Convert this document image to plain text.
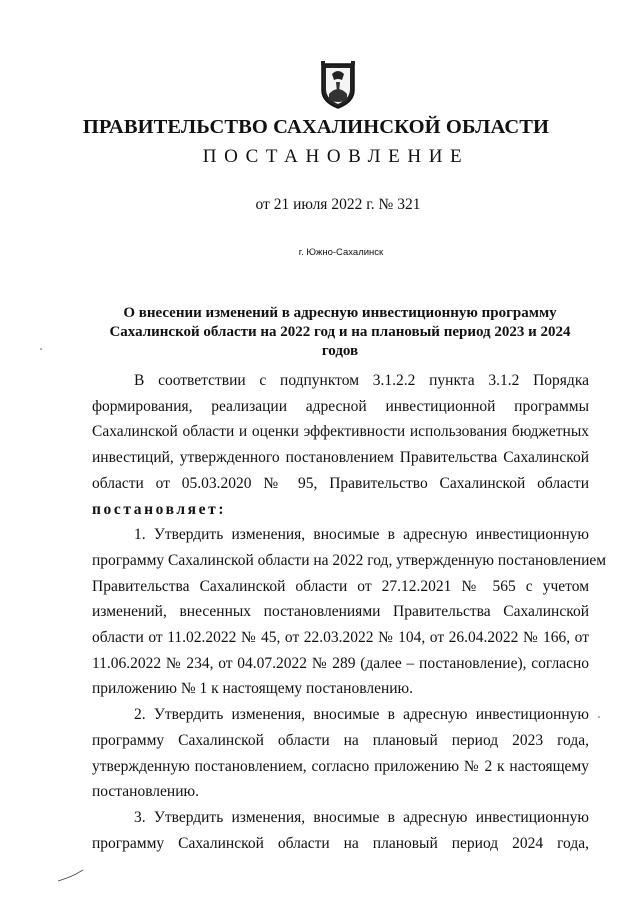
ПРАВИТЕЛЬСТВО САХАЛИНСКОЙ ОБЛАСТИ
ПОСТАНОВЛЕНИЕ
от 21 июля 2022 г. № 321
г. Южно-Сахалинск
О внесении изменений в адресную инвестиционную программу
Сахалинской области на 2022 год и на плановый период 2023 и 2024
годов
В соответствии с подпунктом 3.1.2.2 пункта 3.1.2 Порядка
формирования, реализации адресной инвестиционной программы
Сахалинской области и оценки эффективности использования бюджетных
инвестиций, утвержденного постановлением Правительства Сахалинской
области от 05.03.2020 № 95, Правительство Сахалинской области
постановляет:
1. Утвердить изменения, вносимые в адресную инвестиционную
программу Сахалинской области на 2022 год, утвержденную постановлением
Правительства Сахалинской области от 27.12.2021 № 565 с учетом
изменений, внесенных постановлениями Правительства Сахалинской
области от 11.02.2022 № 45, от 22.03.2022 № 104, от 26.04.2022 № 166, от
11.06.2022 № 234, от 04.07.2022 № 289 (далее – постановление), согласно
приложению № 1 к настоящему постановлению.
2. Утвердить изменения, вносимые в адресную инвестиционную
программу Сахалинской области на плановый период 2023 года,
утвержденную постановлением, согласно приложению № 2 к настоящему
постановлению.
3. Утвердить изменения, вносимые в адресную инвестиционную
программу Сахалинской области на плановый период 2024 года,
